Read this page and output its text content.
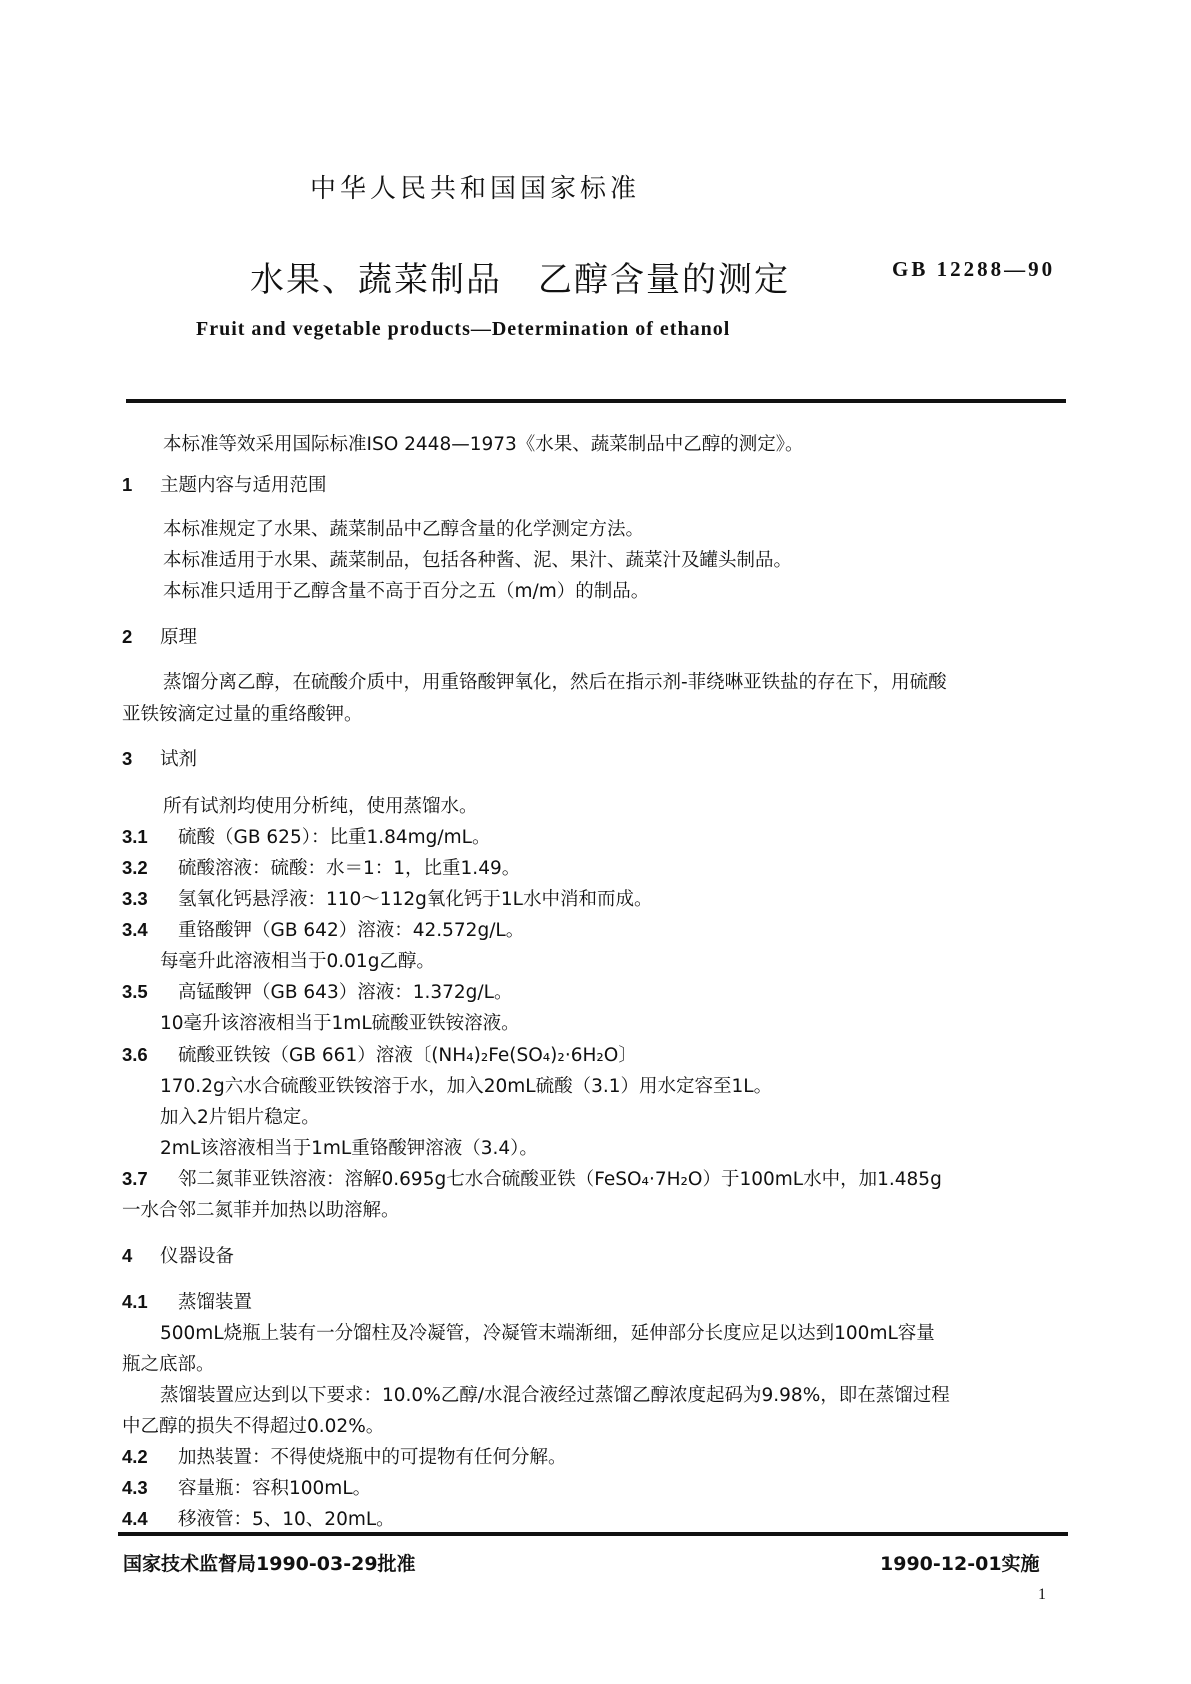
中华人民共和国国家标准
水果、蔬菜制品　乙醇含量的测定	GB 12288—90
Fruit and vegetable products—Determination of ethanol
本标准等效采用国际标准ISO 2448—1973《水果、蔬菜制品中乙醇的测定》。
1 主题内容与适用范围
本标准规定了水果、蔬菜制品中乙醇含量的化学测定方法。
本标准适用于水果、蔬菜制品，包括各种酱、泥、果汁、蔬菜汁及罐头制品。
本标准只适用于乙醇含量不高于百分之五（m/m）的制品。
2 原理
蒸馏分离乙醇，在硫酸介质中，用重铬酸钾氧化，然后在指示剂-菲绕啉亚铁盐的存在下，用硫酸
亚铁铵滴定过量的重络酸钾。
3 试剂
所有试剂均使用分析纯，使用蒸馏水。
3.1 硫酸（GB 625）：比重1.84mg/mL。
3.2 硫酸溶液：硫酸：水＝1：1，比重1.49。
3.3 氢氧化钙悬浮液：110～112g氧化钙于1L水中消和而成。
3.4 重铬酸钾（GB 642）溶液：42.572g/L。
每毫升此溶液相当于0.01g乙醇。
3.5 高锰酸钾（GB 643）溶液：1.372g/L。
10毫升该溶液相当于1mL硫酸亚铁铵溶液。
3.6 硫酸亚铁铵（GB 661）溶液〔(NH₄)₂Fe(SO₄)₂·6H₂O〕
170.2g六水合硫酸亚铁铵溶于水，加入20mL硫酸（3.1）用水定容至1L。
加入2片铝片稳定。
2mL该溶液相当于1mL重铬酸钾溶液（3.4）。
3.7 邻二氮菲亚铁溶液：溶解0.695g七水合硫酸亚铁（FeSO₄·7H₂O）于100mL水中，加1.485g
一水合邻二氮菲并加热以助溶解。
4 仪器设备
4.1 蒸馏装置
500mL烧瓶上装有一分馏柱及冷凝管，冷凝管末端渐细，延伸部分长度应足以达到100mL容量
瓶之底部。
蒸馏装置应达到以下要求：10.0%乙醇/水混合液经过蒸馏乙醇浓度起码为9.98%，即在蒸馏过程
中乙醇的损失不得超过0.02%。
4.2 加热装置：不得使烧瓶中的可提物有任何分解。
4.3 容量瓶：容积100mL。
4.4 移液管：5、10、20mL。
国家技术监督局1990-03-29批准	1990-12-01实施
1
